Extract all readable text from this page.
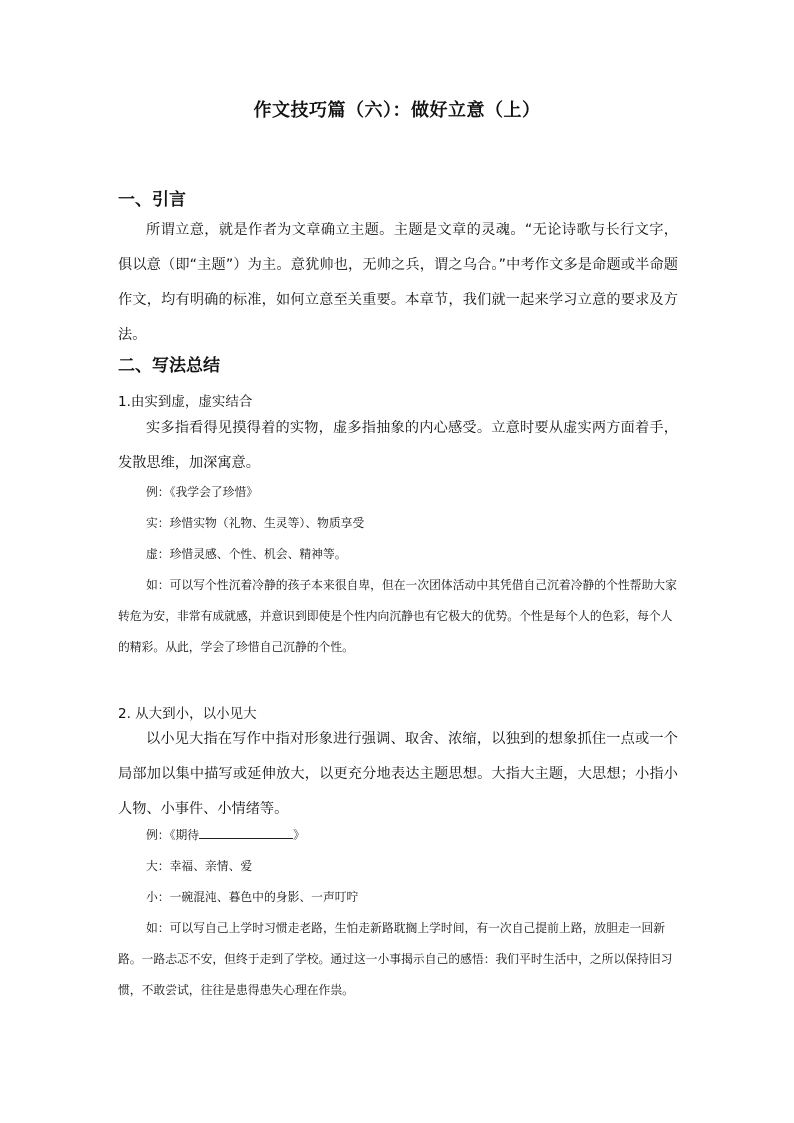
作文技巧篇（六）：做好立意（上）
一、引言

所谓立意，就是作者为文章确立主题。主题是文章的灵魂。“无论诗歌与长行文字，俱以意（即“主题”）为主。意犹帅也，无帅之兵，谓之乌合。”中考作文多是命题或半命题作文，均有明确的标准，如何立意至关重要。本章节，我们就一起来学习立意的要求及方法。

二、写法总结
1.由实到虚，虚实结合

实多指看得见摸得着的实物，虚多指抽象的内心感受。立意时要从虚实两方面着手，发散思维，加深寓意。

例：《我学会了珍惜》

实：珍惜实物（礼物、生灵等）、物质享受

虚：珍惜灵感、个性、机会、精神等。

如：可以写个性沉着冷静的孩子本来很自卑，但在一次团体活动中其凭借自己沉着冷静的个性帮助大家转危为安，非常有成就感，并意识到即使是个性内向沉静也有它极大的优势。个性是每个人的色彩，每个人的精彩。从此，学会了珍惜自己沉静的个性。

2. 从大到小，以小见大

以小见大指在写作中指对形象进行强调、取舍、浓缩，以独到的想象抓住一点或一个局部加以集中描写或延伸放大，以更充分地表达主题思想。大指大主题，大思想；小指小人物、小事件、小情绪等。

例：《期待	》

大：幸福、亲情、爱

小：一碗混沌、暮色中的身影、一声叮咛

如：可以写自己上学时习惯走老路，生怕走新路耽搁上学时间，有一次自己提前上路，放胆走一回新路。一路忐忑不安，但终于走到了学校。通过这一小事揭示自己的感悟：我们平时生活中，之所以保持旧习惯，不敢尝试，往往是患得患失心理在作祟。
